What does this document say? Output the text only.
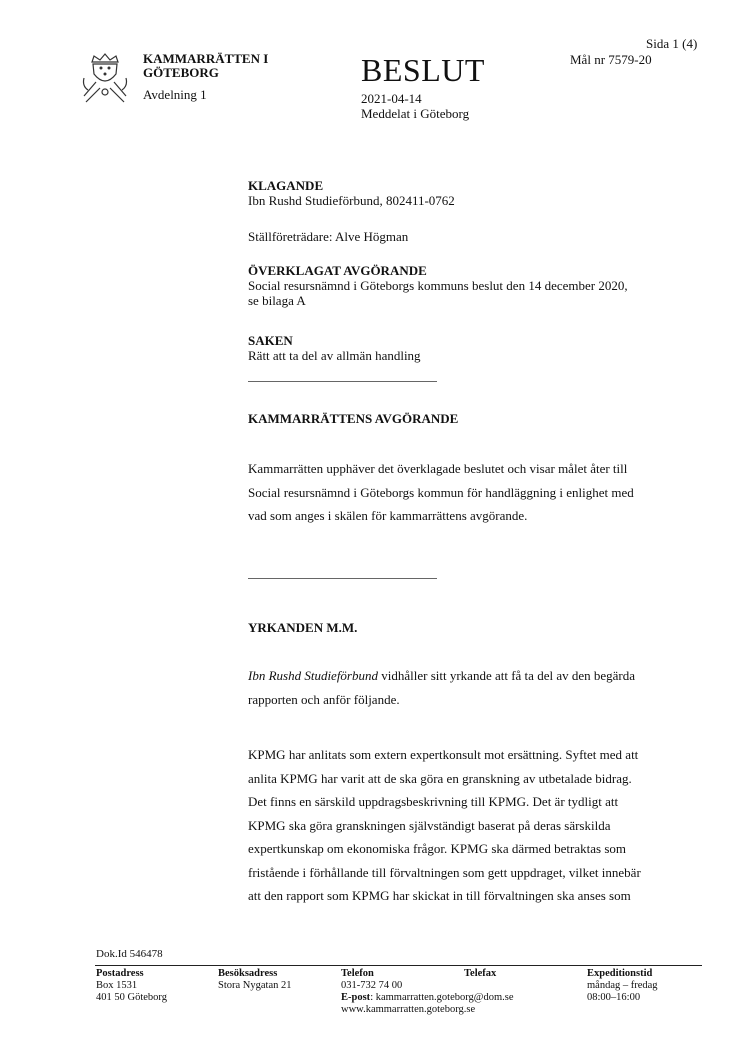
KAMMARRÄTTEN I
GÖTEBORG
Avdelning 1
BESLUT
2021-04-14
Meddelat i Göteborg
Sida 1 (4)
Mål nr 7579-20
KLAGANDE
Ibn Rushd Studieförbund, 802411-0762
Ställföreträdare: Alve Högman
ÖVERKLAGAT AVGÖRANDE
Social resursnämnd i Göteborgs kommuns beslut den 14 december 2020,
se bilaga A
SAKEN
Rätt att ta del av allmän handling
KAMMARRÄTTENS AVGÖRANDE
Kammarrätten upphäver det överklagade beslutet och visar målet åter till
Social resursnämnd i Göteborgs kommun för handläggning i enlighet med
vad som anges i skälen för kammarrättens avgörande.
YRKANDEN M.M.
Ibn Rushd Studieförbund vidhåller sitt yrkande att få ta del av den begärda
rapporten och anför följande.
KPMG har anlitats som extern expertkonsult mot ersättning. Syftet med att
anlita KPMG har varit att de ska göra en granskning av utbetalade bidrag.
Det finns en särskild uppdragsbeskrivning till KPMG. Det är tydligt att
KPMG ska göra granskningen självständigt baserat på deras särskilda
expertkunskap om ekonomiska frågor. KPMG ska därmed betraktas som
fristående i förhållande till förvaltningen som gett uppdraget, vilket innebär
att den rapport som KPMG har skickat in till förvaltningen ska anses som
Dok.Id 546478
Postadress
Box 1531
401 50 Göteborg
Besöksadress
Stora Nygatan 21
Telefon
031-732 74 00
E-post: kammarratten.goteborg@dom.se
www.kammarratten.goteborg.se
Telefax	Expeditionstid
måndag – fredag
08:00–16:00
